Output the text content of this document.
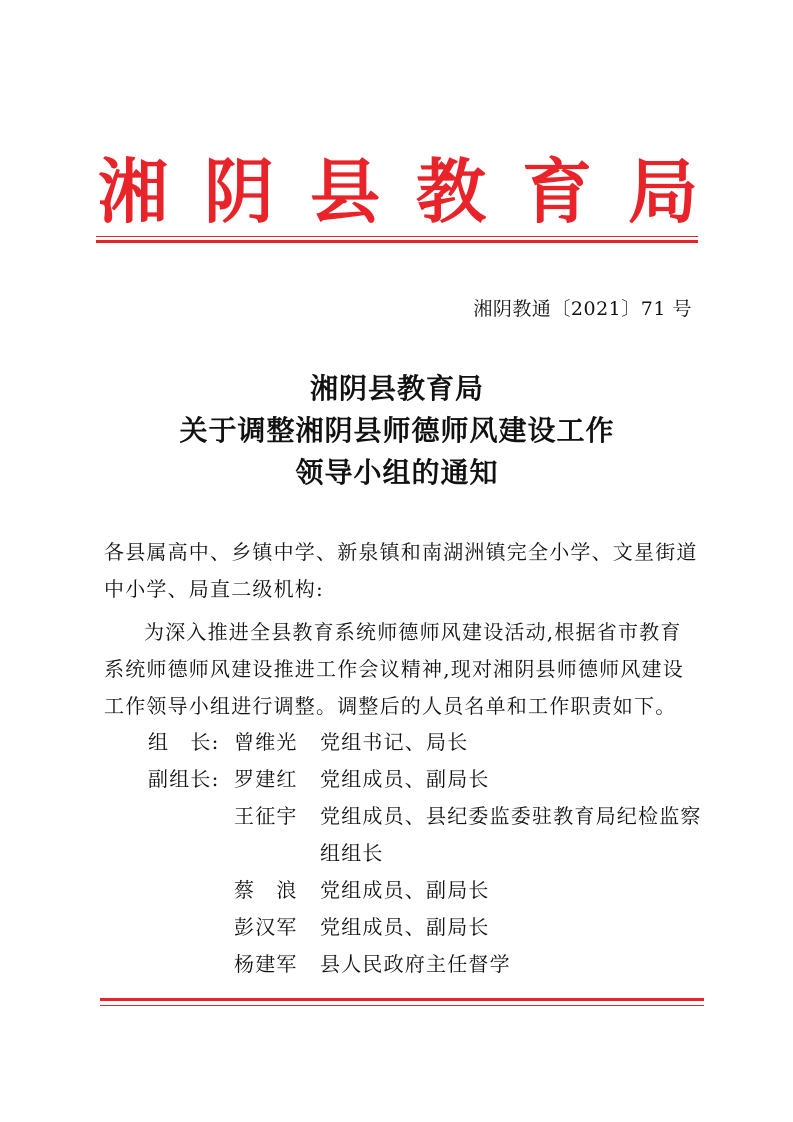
湘 阴 县 教 育 局
湘阴教通〔2021〕71 号
湘阴县教育局
关于调整湘阴县师德师风建设工作
领导小组的通知
各县属高中、乡镇中学、新泉镇和南湖洲镇完全小学、文星街道
中小学、局直二级机构:
为深入推进全县教育系统师德师风建设活动,根据省市教育
系统师德师风建设推进工作会议精神,现对湘阴县师德师风建设
工作领导小组进行调整。调整后的人员名单和工作职责如下。
组　长: 曾维光 党组书记、局长
副组长: 罗建红 党组成员、副局长
王征宇 党组成员、县纪委监委驻教育局纪检监察
组组长
蔡　浪 党组成员、副局长
彭汉军 党组成员、副局长
杨建军 县人民政府主任督学
